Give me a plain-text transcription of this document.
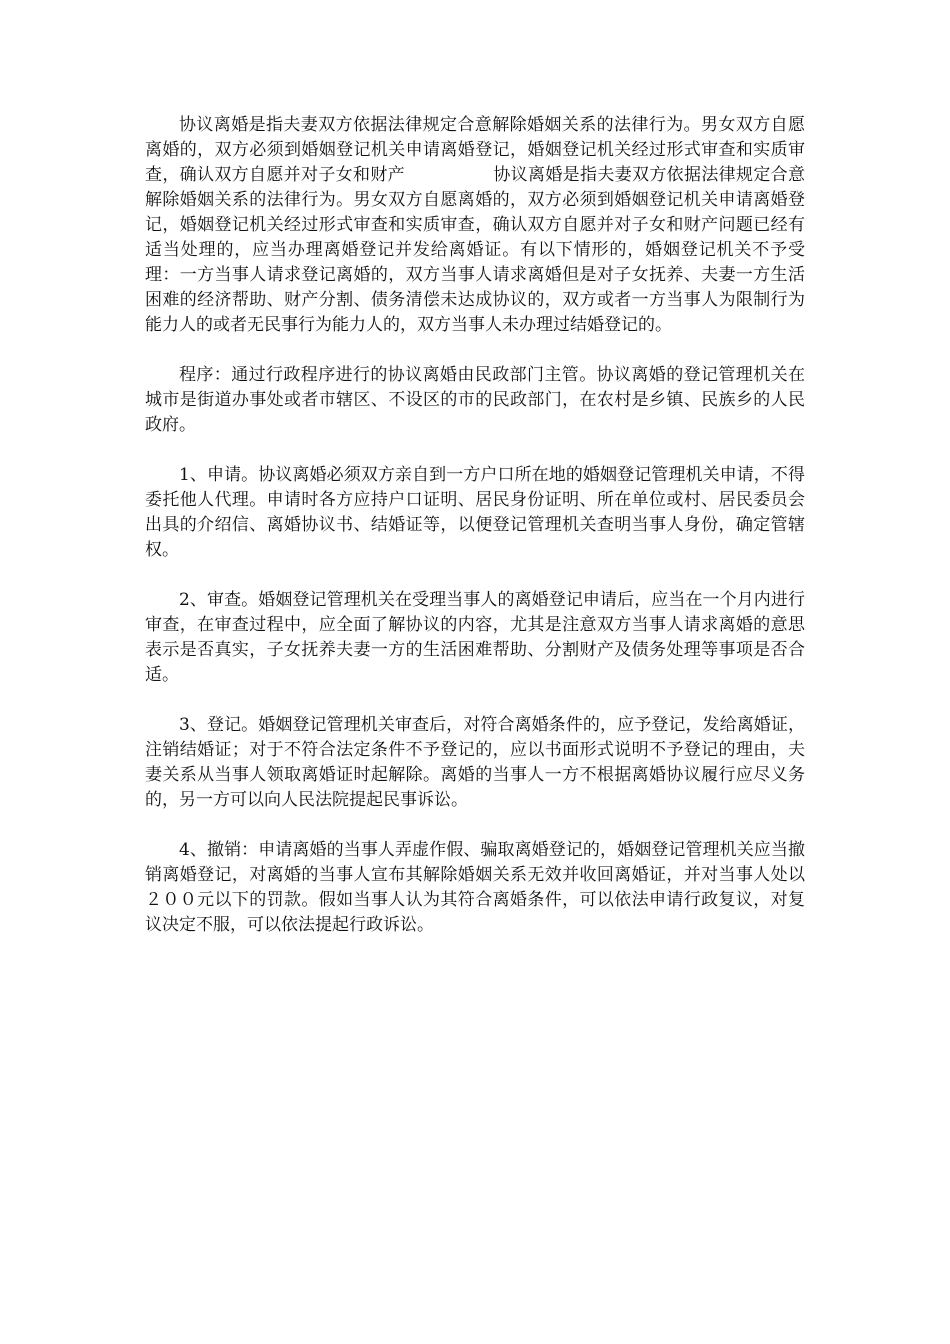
协议离婚是指夫妻双方依据法律规定合意解除婚姻关系的法律行为。男女双方自愿离婚的，双方必须到婚姻登记机关申请离婚登记，婚姻登记机关经过形式审查和实质审查，确认双方自愿并对子女和财产	协议离婚是指夫妻双方依据法律规定合意解除婚姻关系的法律行为。男女双方自愿离婚的，双方必须到婚姻登记机关申请离婚登记，婚姻登记机关经过形式审查和实质审查，确认双方自愿并对子女和财产问题已经有适当处理的，应当办理离婚登记并发给离婚证。有以下情形的，婚姻登记机关不予受理：一方当事人请求登记离婚的，双方当事人请求离婚但是对子女抚养、夫妻一方生活困难的经济帮助、财产分割、债务清偿未达成协议的，双方或者一方当事人为限制行为能力人的或者无民事行为能力人的，双方当事人未办理过结婚登记的。

程序：通过行政程序进行的协议离婚由民政部门主管。协议离婚的登记管理机关在城市是街道办事处或者市辖区、不设区的市的民政部门，在农村是乡镇、民族乡的人民政府。

1、申请。协议离婚必须双方亲自到一方户口所在地的婚姻登记管理机关申请，不得委托他人代理。申请时各方应持户口证明、居民身份证明、所在单位或村、居民委员会出具的介绍信、离婚协议书、结婚证等，以便登记管理机关查明当事人身份，确定管辖权。

2、审查。婚姻登记管理机关在受理当事人的离婚登记申请后，应当在一个月内进行审查，在审查过程中，应全面了解协议的内容，尤其是注意双方当事人请求离婚的意思表示是否真实，子女抚养夫妻一方的生活困难帮助、分割财产及债务处理等事项是否合适。

3、登记。婚姻登记管理机关审查后，对符合离婚条件的，应予登记，发给离婚证，注销结婚证；对于不符合法定条件不予登记的，应以书面形式说明不予登记的理由，夫妻关系从当事人领取离婚证时起解除。离婚的当事人一方不根据离婚协议履行应尽义务的，另一方可以向人民法院提起民事诉讼。

4、撤销：申请离婚的当事人弄虚作假、骗取离婚登记的，婚姻登记管理机关应当撤销离婚登记，对离婚的当事人宣布其解除婚姻关系无效并收回离婚证，并对当事人处以２００元以下的罚款。假如当事人认为其符合离婚条件，可以依法申请行政复议，对复议决定不服，可以依法提起行政诉讼。
